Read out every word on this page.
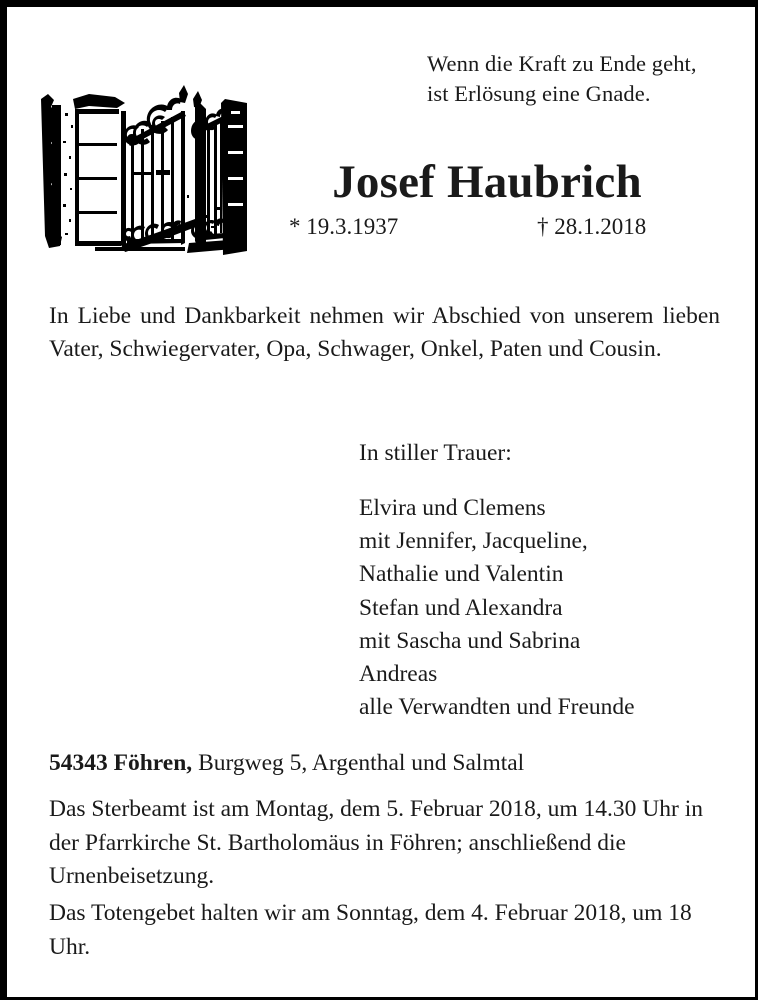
Wenn die Kraft zu Ende geht,
ist Erlösung eine Gnade.
Josef Haubrich
* 19.3.1937	† 28.1.2018
In Liebe und Dankbarkeit nehmen wir Abschied von unserem lieben Vater, Schwiegervater, Opa, Schwager, Onkel, Paten und Cousin.
In stiller Trauer:
Elvira und Clemens
mit Jennifer, Jacqueline,
Nathalie und Valentin
Stefan und Alexandra
mit Sascha und Sabrina
Andreas
alle Verwandten und Freunde
54343 Föhren, Burgweg 5, Argenthal und Salmtal
Das Sterbeamt ist am Montag, dem 5. Februar 2018, um 14.30 Uhr in der Pfarrkirche St. Bartholomäus in Föhren; anschließend die Urnenbeisetzung.
Das Totengebet halten wir am Sonntag, dem 4. Februar 2018, um 18 Uhr.
